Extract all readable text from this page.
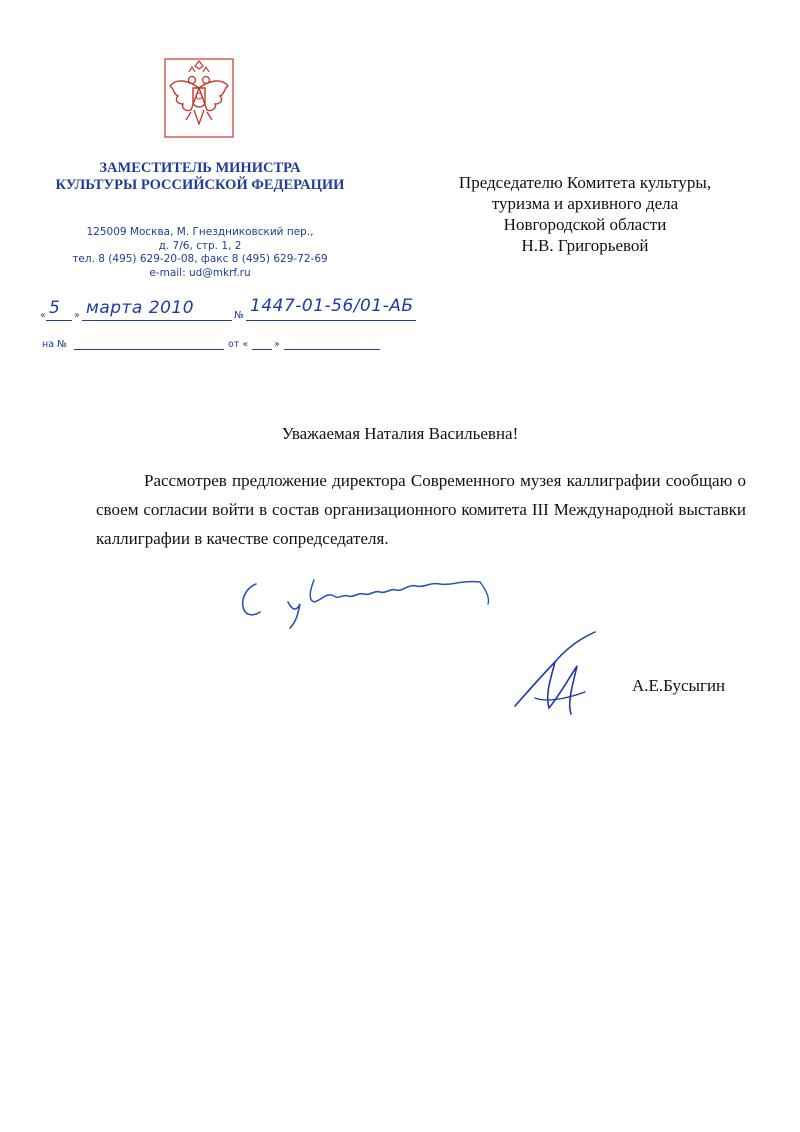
ЗАМЕСТИТЕЛЬ МИНИСТРА
КУЛЬТУРЫ РОССИЙСКОЙ ФЕДЕРАЦИИ
125009 Москва, М. Гнездниковский пер.,
д. 7/6, стр. 1, 2
тел. 8 (495) 629-20-08, факс 8 (495) 629-72-69
e-mail: ud@mkrf.ru
Председателю Комитета культуры,
туризма и архивного дела
Новгородской области
Н.В. Григорьевой
« 5 » марта 2010	№ 1447-01-56/01-АБ
на №	от «	»
Уважаемая Наталия Васильевна!
Рассмотрев предложение директора Современного музея каллиграфии сообщаю о своем согласии войти в состав организационного комитета III Международной выставки каллиграфии в качестве сопредседателя.
А.Е.Бусыгин
